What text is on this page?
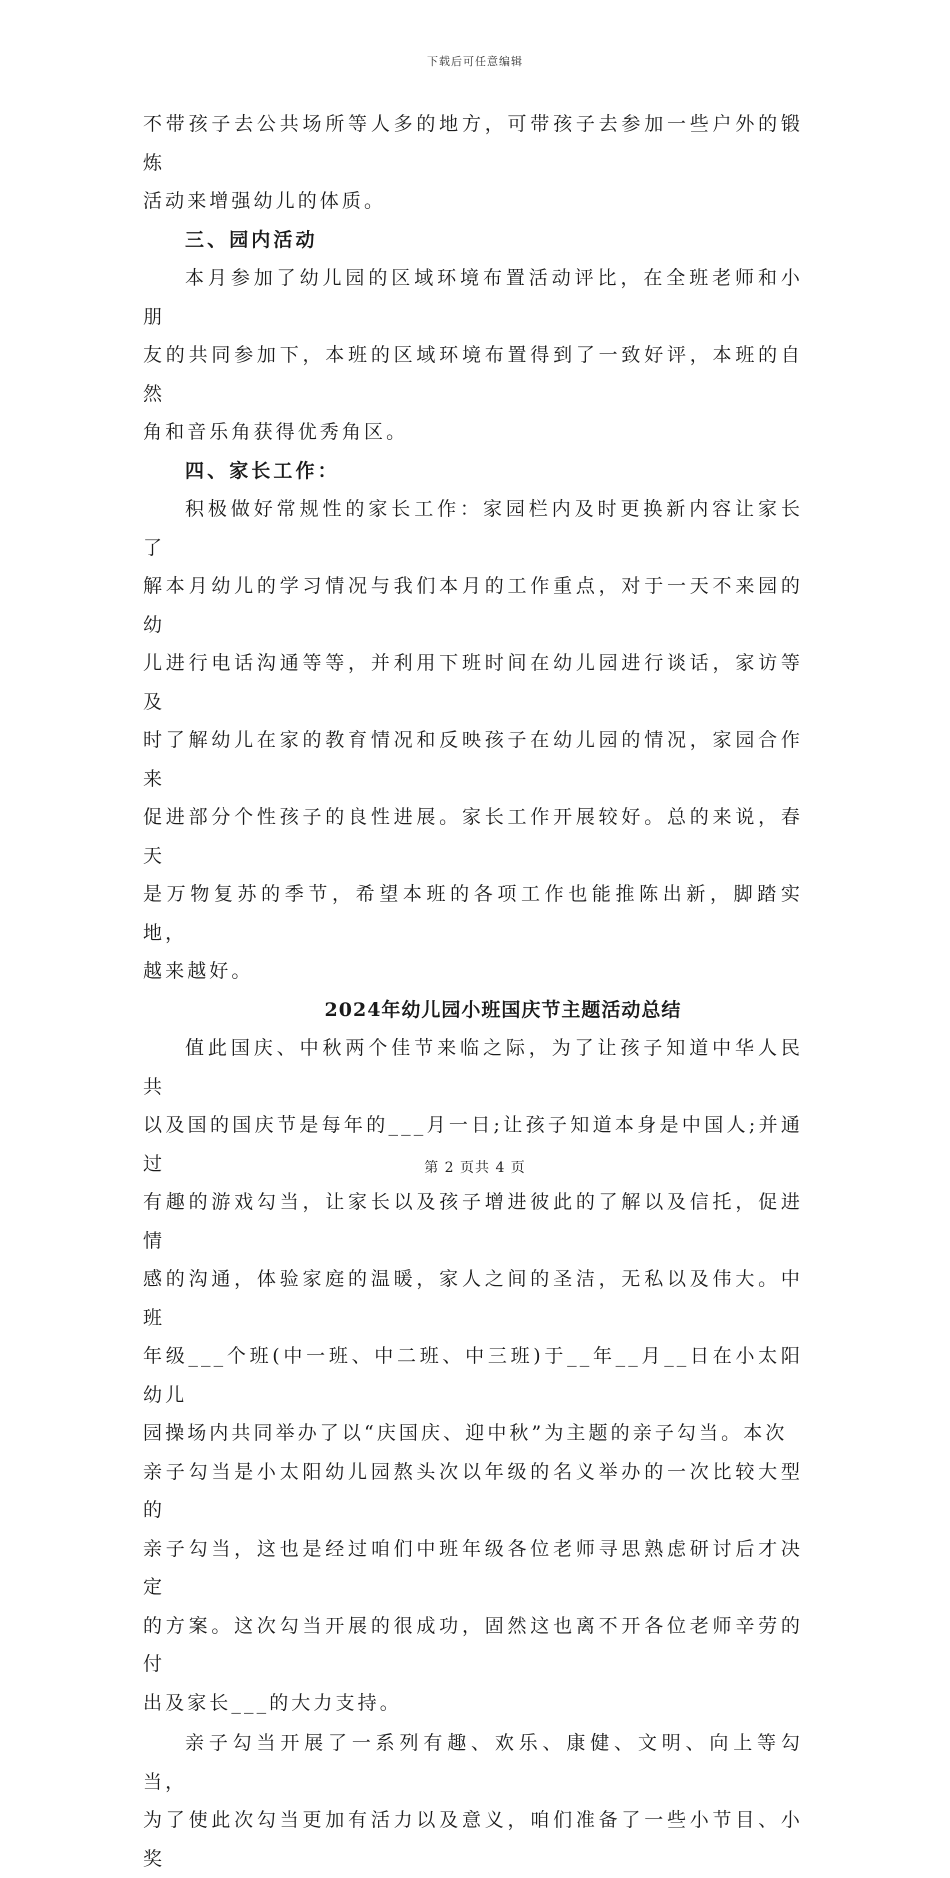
下载后可任意编辑

不带孩子去公共场所等人多的地方，可带孩子去参加一些户外的锻炼

活动来增强幼儿的体质。

三、园内活动

本月参加了幼儿园的区域环境布置活动评比，在全班老师和小朋

友的共同参加下，本班的区域环境布置得到了一致好评，本班的自然

角和音乐角获得优秀角区。

四、家长工作：

积极做好常规性的家长工作：家园栏内及时更换新内容让家长了

解本月幼儿的学习情况与我们本月的工作重点，对于一天不来园的幼

儿进行电话沟通等等，并利用下班时间在幼儿园进行谈话，家访等及

时了解幼儿在家的教育情况和反映孩子在幼儿园的情况，家园合作来

促进部分个性孩子的良性进展。家长工作开展较好。总的来说，春天

是万物复苏的季节，希望本班的各项工作也能推陈出新，脚踏实地，

越来越好。

2024年幼儿园小班国庆节主题活动总结

值此国庆、中秋两个佳节来临之际，为了让孩子知道中华人民共

以及国的国庆节是每年的___月一日;让孩子知道本身是中国人;并通过

有趣的游戏勾当，让家长以及孩子增进彼此的了解以及信托，促进情

感的沟通，体验家庭的温暖，家人之间的圣洁，无私以及伟大。中班

年级___个班(中一班、中二班、中三班)于__年__月__日在小太阳幼儿

园操场内共同举办了以“庆国庆、迎中秋”为主题的亲子勾当。本次

亲子勾当是小太阳幼儿园熬头次以年级的名义举办的一次比较大型的

亲子勾当，这也是经过咱们中班年级各位老师寻思熟虑研讨后才决定

的方案。这次勾当开展的很成功，固然这也离不开各位老师辛劳的付

出及家长___的大力支持。

亲子勾当开展了一系列有趣、欢乐、康健、文明、向上等勾当，

为了使此次勾当更加有活力以及意义，咱们准备了一些小节目、小奖

第 2 页共 4 页
